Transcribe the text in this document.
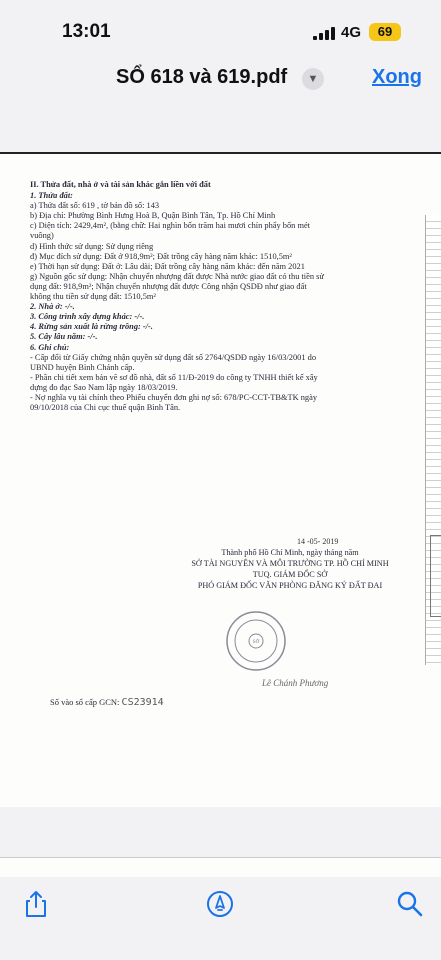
13:01	4G	69
SỔ 618 và 619.pdf	▼	Xong
II. Thửa đất, nhà ở và tài sản khác gắn liền với đất
1. Thửa đất:
a) Thửa đất số: 619 , tờ bản đồ số: 143
b) Địa chỉ: Phường Bình Hưng Hoà B, Quận Bình Tân, Tp. Hồ Chí Minh
c) Diện tích: 2429,4m², (bằng chữ: Hai nghìn bốn trăm hai mươi chín phẩy bốn mét
vuông)
d) Hình thức sử dụng: Sử dụng riêng
đ) Mục đích sử dụng: Đất ở 918,9m²; Đất trồng cây hàng năm khác: 1510,5m²
e) Thời hạn sử dụng: Đất ở: Lâu dài; Đất trồng cây hàng năm khác: đến năm 2021
g) Nguồn gốc sử dụng: Nhận chuyển nhượng đất được Nhà nước giao đất có thu tiền sử
dụng đất: 918,9m²; Nhận chuyển nhượng đất được Công nhận QSDĐ như giao đất
không thu tiền sử dụng đất: 1510,5m²
2. Nhà ở: -/-.
3. Công trình xây dựng khác: -/-.
4. Rừng sản xuất là rừng trồng: -/-.
5. Cây lâu năm: -/-.
6. Ghi chú:
- Cấp đổi từ Giấy chứng nhận quyền sử dụng đất số 2764/QSDĐ ngày 16/03/2001 do
UBND huyện Bình Chánh cấp.
- Phần chi tiết xem bản vẽ sơ đồ nhà, đất số 11/Đ-2019 do công ty TNHH thiết kế xây
dựng đo đạc Sao Nam lập ngày 18/03/2019.
- Nợ nghĩa vụ tài chính theo Phiếu chuyển đơn ghi nợ số: 678/PC-CCT-TB&TK ngày
09/10/2018 của Chi cục thuế quận Bình Tân.
14 -05- 2019
Thành phố Hồ Chí Minh, ngày tháng năm
SỞ TÀI NGUYÊN VÀ MÔI TRƯỜNG TP. HỒ CHÍ MINH
TUQ. GIÁM ĐỐC SỞ
PHÓ GIÁM ĐỐC VĂN PHÒNG ĐĂNG KÝ ĐẤT ĐAI
SỞ
Lê Chánh Phương
Số vào sổ cấp GCN: CS23914
